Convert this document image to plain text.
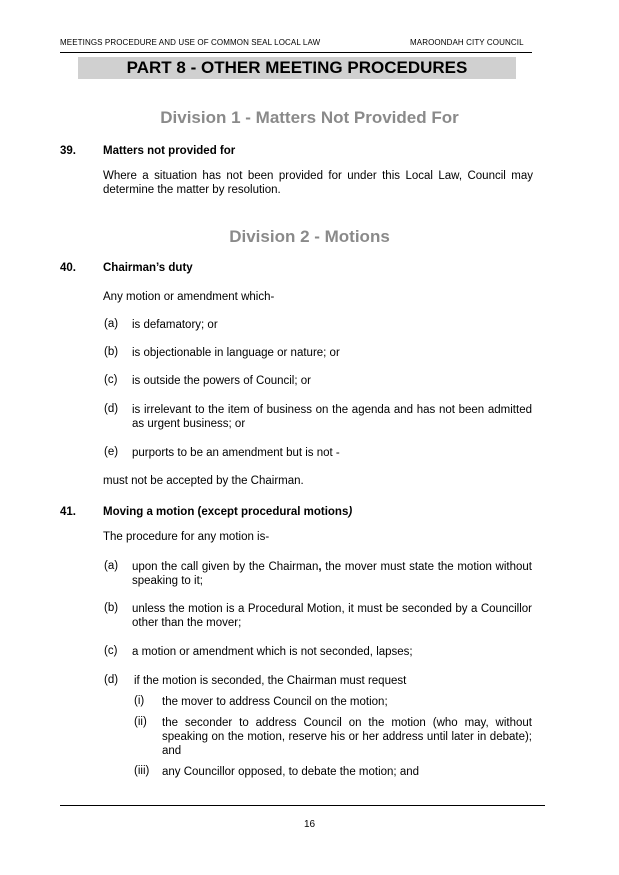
MEETINGS PROCEDURE AND USE OF COMMON SEAL LOCAL LAW	MAROONDAH CITY COUNCIL
PART 8 - OTHER MEETING PROCEDURES
Division 1 - Matters Not Provided For
39. Matters not provided for
Where a situation has not been provided for under this Local Law, Council may determine the matter by resolution.
Division 2 - Motions
40. Chairman’s duty
Any motion or amendment which-
(a) is defamatory; or
(b) is objectionable in language or nature; or
(c) is outside the powers of Council; or
(d) is irrelevant to the item of business on the agenda and has not been admitted as urgent business; or
(e) purports to be an amendment but is not -
must not be accepted by the Chairman.
41. Moving a motion (except procedural motions)
The procedure for any motion is-
(a) upon the call given by the Chairman, the mover must state the motion without speaking to it;
(b) unless the motion is a Procedural Motion, it must be seconded by a Councillor other than the mover;
(c) a motion or amendment which is not seconded, lapses;
(d) if the motion is seconded, the Chairman must request
(i) the mover to address Council on the motion;
(ii) the seconder to address Council on the motion (who may, without speaking on the motion, reserve his or her address until later in debate); and
(iii) any Councillor opposed, to debate the motion; and
16
